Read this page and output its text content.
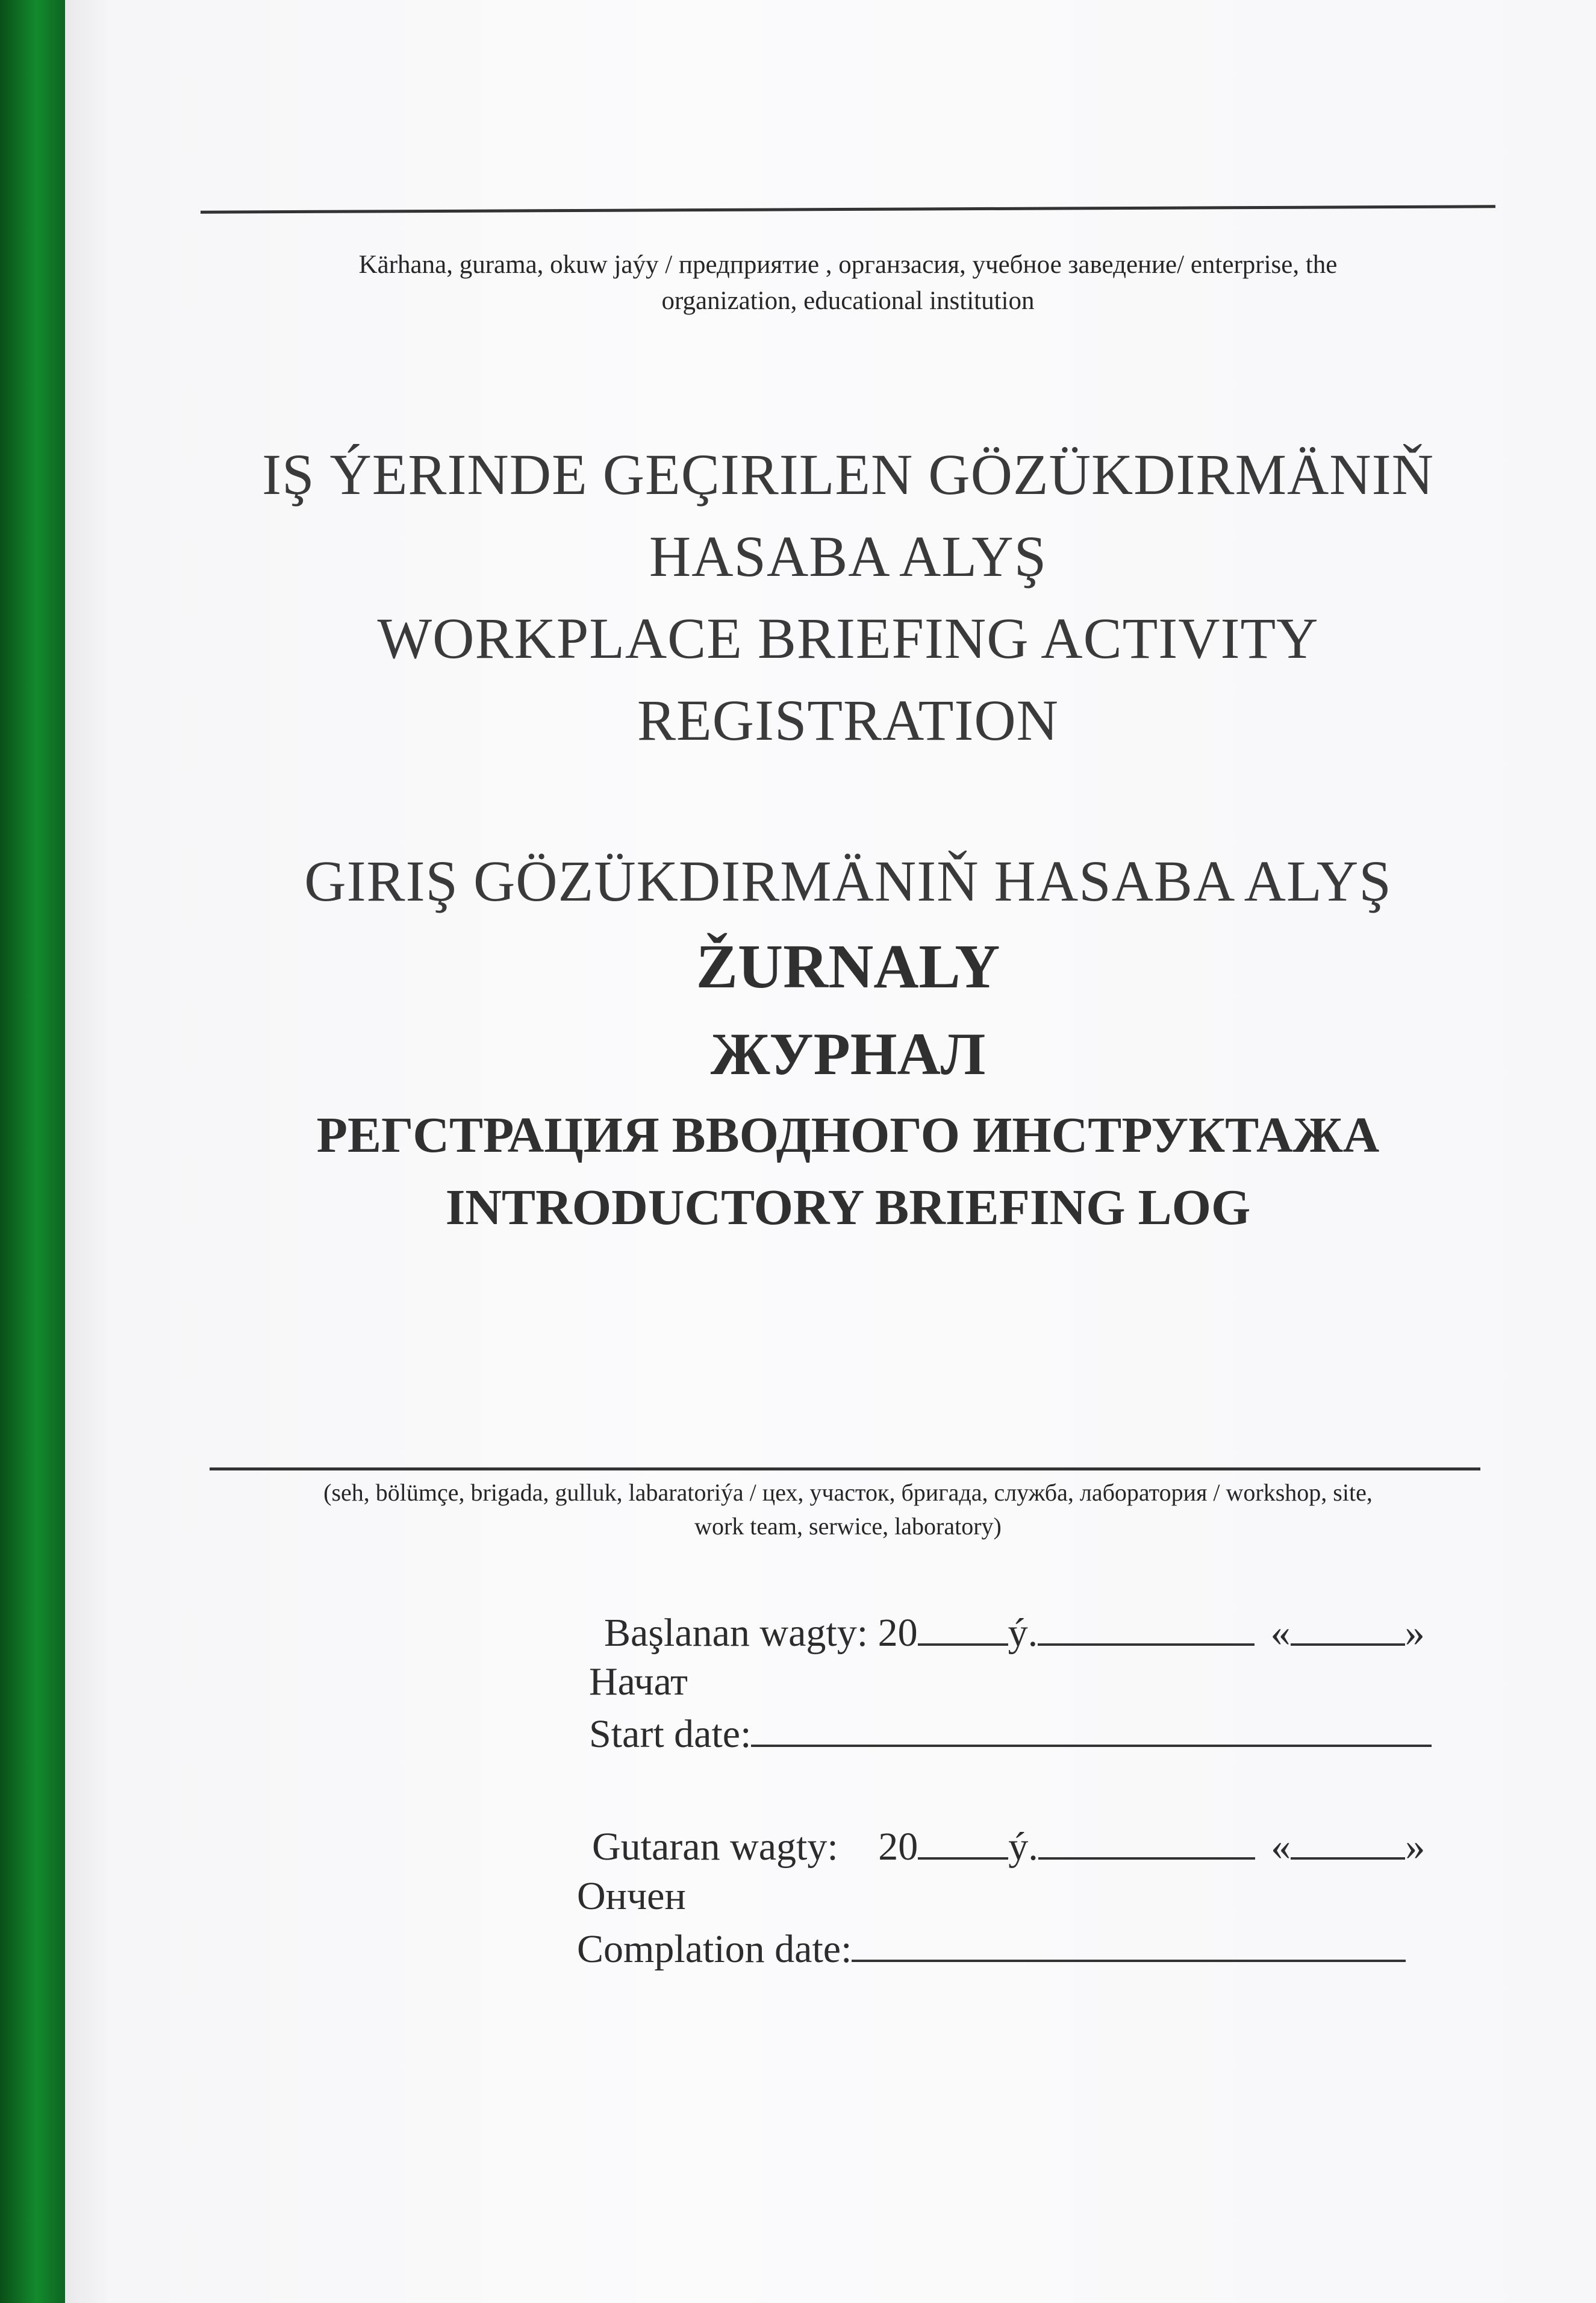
Kärhana, gurama, okuw jaýy / предприятие , органзасия, учебное заведение/ enterprise, the
organization, educational institution
IŞ ÝERINDE GEÇIRILEN GÖZÜKDIRMÄNIŇ
HASABA ALYŞ
WORKPLACE BRIEFING ACTIVITY
REGISTRATION
GIRIŞ GÖZÜKDIRMÄNIŇ HASABA ALYŞ
ŽURNALY
ЖУРНАЛ
РЕГСТРАЦИЯ ВВОДНОГО ИНСТРУКТАЖА
INTRODUCTORY BRIEFING LOG
(seh, bölümçe, brigada, gulluk, labaratoriýa / цех, участок, бригада, служба, лаборатория / workshop, site,
work team, serwice, laboratory)
Başlanan wagty: 20 ý.	«	»
Начат
Start date:
Gutaran wagty: 20 ý.	«	»
Ончен
Complation date:
